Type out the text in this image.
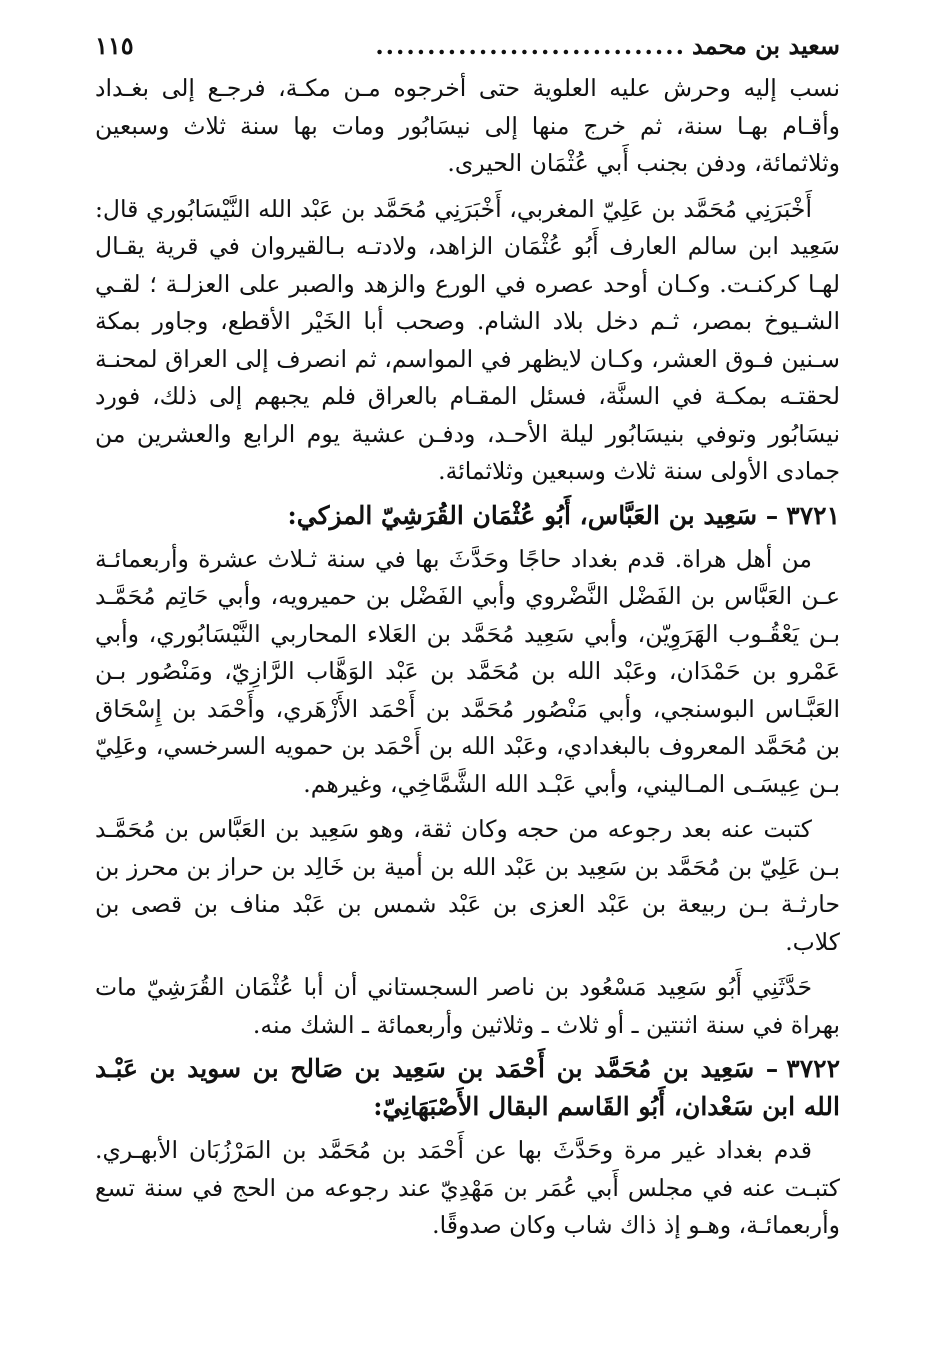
سعيد بن محمد
..............................
١١٥

نسب إليه وحرش عليه العلوية حتى أخرجوه مـن مكـة، فرجـع إلى بغـداد وأقـام بهـا سنة، ثم خرج منها إلى نيسَابُور ومات بها سنة ثلاث وسبعين وثلاثمائة، ودفن بجنب أَبي عُثْمَان الحيرى.

أَخْبَرَنِي مُحَمَّد بن عَلِيّ المغربي، أَخْبَرَنِي مُحَمَّد بن عَبْد الله النَّيْسَابُوري قال: سَعِيد ابن سالم العارف أَبُو عُثْمَان الزاهد، ولادتـه بـالقيروان في قرية يقـال لهـا كركنـت. وكـان أوحد عصره في الورع والزهد والصبر على العزلـة ؛ لقـي الشـيوخ بمصر، ثـم دخل بلاد الشام. وصحب أبا الخَيْر الأقطع، وجاور بمكة سـنين فـوق العشر، وكـان لايظهر في المواسم، ثم انصرف إلى العراق لمحنـة لحقتـه بمكـة في السنَّة، فسئل المقـام بالعراق فلم يجبهم إلى ذلك، فورد نيسَابُور وتوفي بنيسَابُور ليلة الأحـد، ودفـن عشية يوم الرابع والعشرين من جمادى الأولى سنة ثلاث وسبعين وثلاثمائة.

٣٧٢١– سَعِيد بن العَبَّاس، أَبُو عُثْمَان القُرَشِيّ المزكي:

من أهل هراة. قدم بغداد حاجًا وحَدَّثَ بها في سنة ثـلاث عشرة وأربعمائـة عـن العَبَّاس بن الفَضْل النَّضْروي وأبي الفَضْل بن حميرويه، وأبي حَاتِم مُحَمَّـد بـن يَعْقُـوب الهَرَوِيّن، وأبي سَعِيد مُحَمَّد بن العَلاء المحاربي النَّيْسَابُوري، وأبي عَمْرو بن حَمْدَان، وعَبْد الله بن مُحَمَّد بن عَبْد الوَهَّاب الرَّازِيّ، ومَنْصُور بـن العَبَّـاس البوسنجي، وأبي مَنْصُور مُحَمَّد بن أَحْمَد الأَزْهَري، وأَحْمَد بن إِسْحَاق بن مُحَمَّد المعروف بالبغدادي، وعَبْد الله بن أَحْمَد بن حمويه السرخسي، وعَلِيّ بـن عِيسَـى المـاليني، وأبي عَبْـد الله الشَّمَّاخِي، وغيرهم.

كتبت عنه بعد رجوعه من حجه وكان ثقة، وهو سَعِيد بن العَبَّاس بن مُحَمَّـد بـن عَلِيّ بن مُحَمَّد بن سَعِيد بن عَبْد الله بن أمية بن خَالِد بن حراز بن محرز بن حارثـة بـن ربيعة بن عَبْد العزى بن عَبْد شمس بن عَبْد مناف بن قصى بن كلاب.

حَدَّثَنِي أَبُو سَعِيد مَسْعُود بن ناصر السجستاني أن أبا عُثْمَان القُرَشِيّ مات بهراة في سنة اثنتين ـ أو ثلاث ـ وثلاثين وأربعمائة ـ الشك منه.

٣٧٢٢– سَعِيد بن مُحَمَّد بن أَحْمَد بن سَعِيد بن صَالح بن سويد بن عَبْـد الله ابن سَعْدان، أَبُو القَاسم البقال الأَصْبَهَانِيّ:

قدم بغداد غير مرة وحَدَّثَ بها عن أَحْمَد بن مُحَمَّد بن المَرْزُبَان الأبهـري. كتبـت عنه في مجلس أَبي عُمَر بن مَهْدِيّ عند رجوعه من الحج في سنة تسع وأربعمائـة، وهـو إذ ذاك شاب وكان صدوقًا.
